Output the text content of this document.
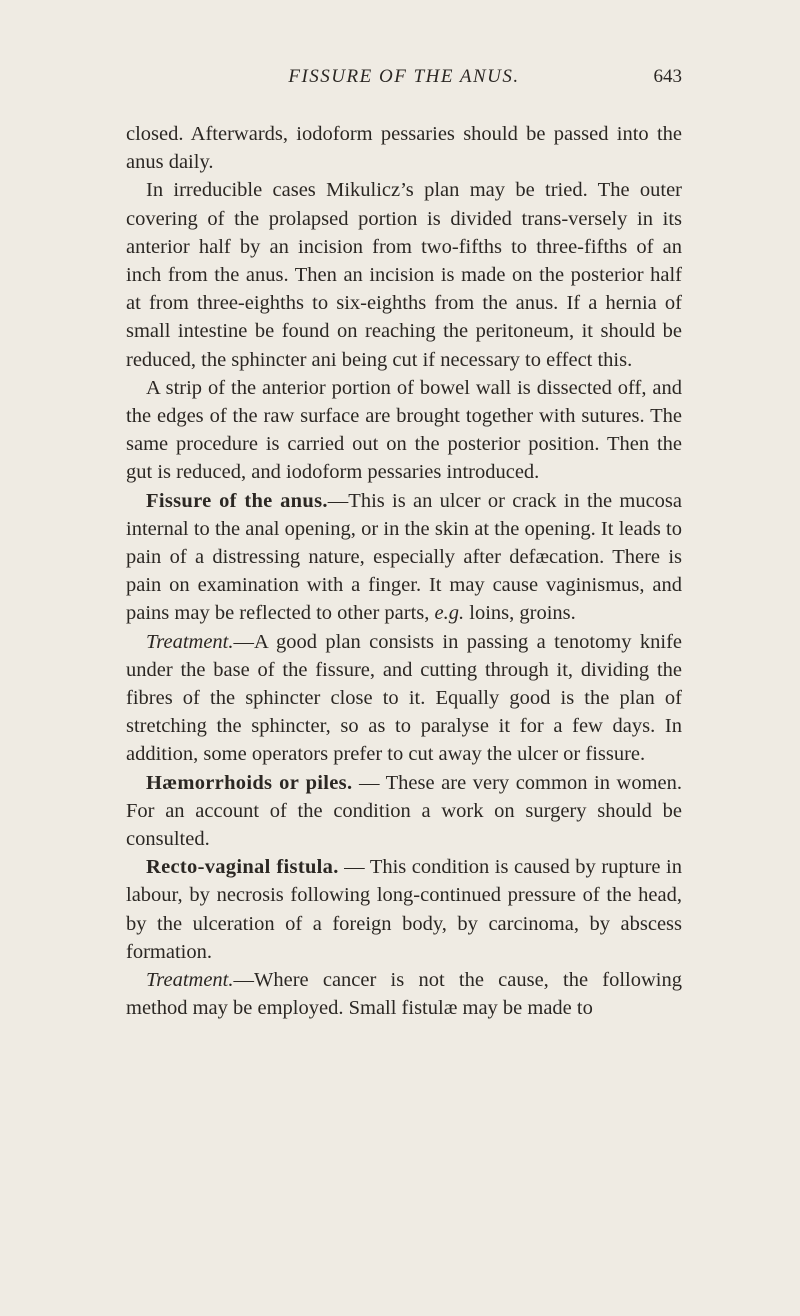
FISSURE OF THE ANUS.	643

closed. Afterwards, iodoform pessaries should be passed into the anus daily.

In irreducible cases Mikulicz’s plan may be tried. The outer covering of the prolapsed portion is divided trans-versely in its anterior half by an incision from two-fifths to three-fifths of an inch from the anus. Then an incision is made on the posterior half at from three-eighths to six-eighths from the anus. If a hernia of small intestine be found on reaching the peritoneum, it should be reduced, the sphincter ani being cut if necessary to effect this.

A strip of the anterior portion of bowel wall is dissected off, and the edges of the raw surface are brought together with sutures. The same procedure is carried out on the posterior position. Then the gut is reduced, and iodoform pessaries introduced.

Fissure of the anus.—This is an ulcer or crack in the mucosa internal to the anal opening, or in the skin at the opening. It leads to pain of a distressing nature, especially after defæcation. There is pain on examination with a finger. It may cause vaginismus, and pains may be reflected to other parts, e.g. loins, groins.

Treatment.—A good plan consists in passing a tenotomy knife under the base of the fissure, and cutting through it, dividing the fibres of the sphincter close to it. Equally good is the plan of stretching the sphincter, so as to paralyse it for a few days. In addition, some operators prefer to cut away the ulcer or fissure.

Hæmorrhoids or piles. — These are very common in women. For an account of the condition a work on surgery should be consulted.

Recto-vaginal fistula. — This condition is caused by rupture in labour, by necrosis following long-continued pressure of the head, by the ulceration of a foreign body, by carcinoma, by abscess formation.

Treatment.—Where cancer is not the cause, the following method may be employed. Small fistulæ may be made to
